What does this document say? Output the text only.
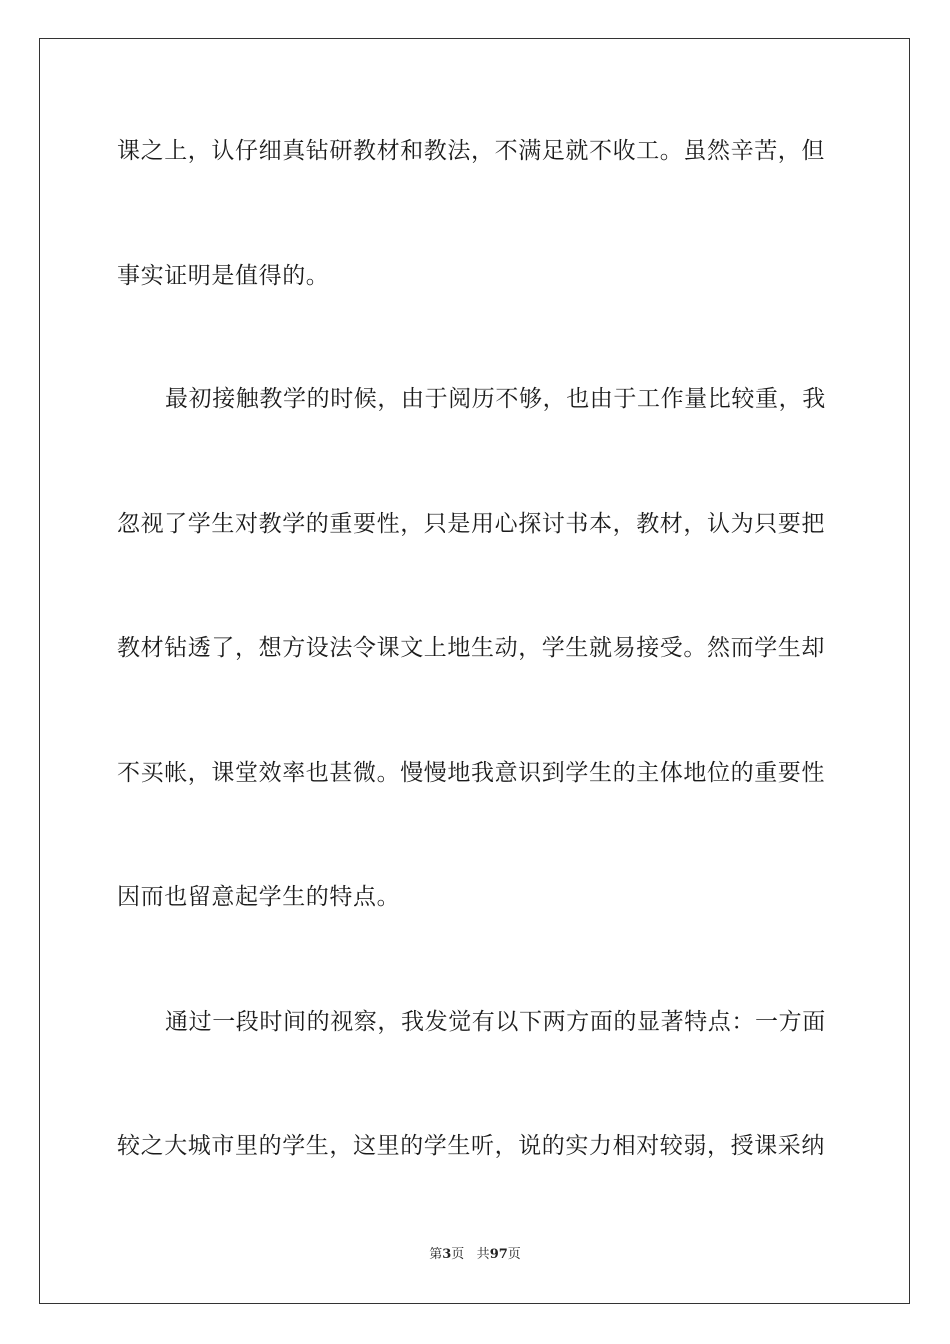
课之上，认仔细真钻研教材和教法，不满足就不收工。虽然辛苦，但
事实证明是值得的。
最初接触教学的时候，由于阅历不够，也由于工作量比较重，我
忽视了学生对教学的重要性，只是用心探讨书本，教材，认为只要把
教材钻透了，想方设法令课文上地生动，学生就易接受。然而学生却
不买帐，课堂效率也甚微。慢慢地我意识到学生的主体地位的重要性
因而也留意起学生的特点。
通过一段时间的视察，我发觉有以下两方面的显著特点：一方面
较之大城市里的学生，这里的学生听，说的实力相对较弱，授课采纳
第3页 共97页
